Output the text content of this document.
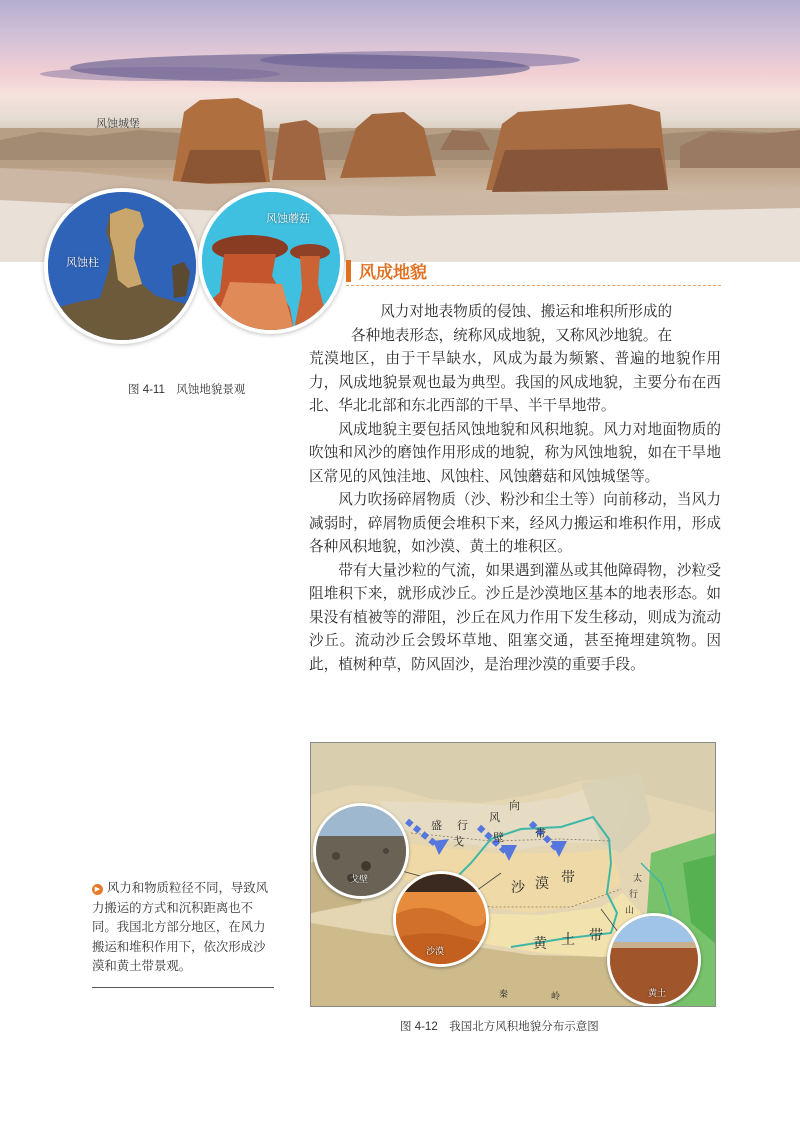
风蚀城堡
风蚀柱
风蚀蘑菇
图 4-11　风蚀地貌景观
风成地貌

风力对地表物质的侵蚀、搬运和堆积所形成的

各种地表形态，统称风成地貌，又称风沙地貌。在

荒漠地区，由于干旱缺水，风成为最为频繁、普遍的地貌作用力，风成地貌景观也最为典型。我国的风成地貌，主要分布在西北、华北北部和东北西部的干旱、半干旱地带。

风成地貌主要包括风蚀地貌和风积地貌。风力对地面物质的吹蚀和风沙的磨蚀作用形成的地貌，称为风蚀地貌，如在干旱地区常见的风蚀洼地、风蚀柱、风蚀蘑菇和风蚀城堡等。

风力吹扬碎屑物质（沙、粉沙和尘土等）向前移动，当风力减弱时，碎屑物质便会堆积下来，经风力搬运和堆积作用，形成各种风积地貌，如沙漠、黄土的堆积区。

带有大量沙粒的气流，如果遇到灌丛或其他障碍物，沙粒受阻堆积下来，就形成沙丘。沙丘是沙漠地区基本的地表形态。如果没有植被等的滞阻，沙丘在风力作用下发生移动，则成为流动沙丘。流动沙丘会毁坏草地、阻塞交通，甚至掩埋建筑物。因此，植树种草，防风固沙，是治理沙漠的重要手段。

▶ 风力和物质粒径不同，导致风力搬运的方式和沉积距离也不同。我国北方部分地区，在风力搬运和堆积作用下，依次形成沙漠和黄土带景观。
盛 行
风
向
戈	壁	带
沙 漠 带
黄 土 带
太
行
山
秦	岭
戈壁
沙漠
黄土
图 4-12　我国北方风积地貌分布示意图
